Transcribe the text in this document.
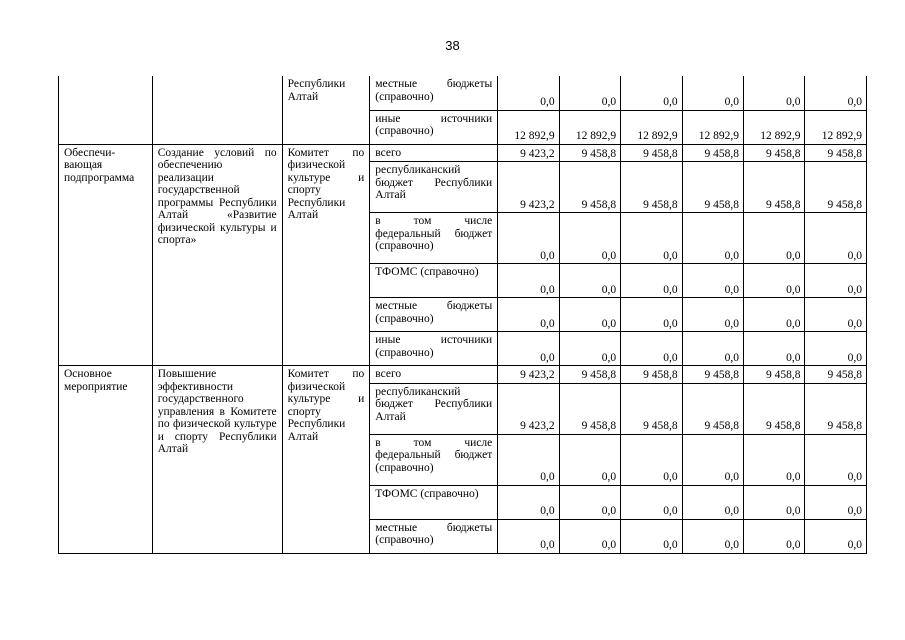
38
		Республики Алтай	местные бюджеты (справочно)	0,0	0,0	0,0	0,0	0,0	0,0
			иные источники (справочно)	12 892,9	12 892,9	12 892,9	12 892,9	12 892,9	12 892,9
Обеспечи-вающая подпрограмма	Создание условий по обеспечению реализации государственной программы Республики Алтай «Развитие физической культуры и спорта»	Комитет по физической культуре и спорту Республики Алтай	всего	9 423,2	9 458,8	9 458,8	9 458,8	9 458,8	9 458,8
			республиканский бюджет Республики Алтай	9 423,2	9 458,8	9 458,8	9 458,8	9 458,8	9 458,8
			в том числе федеральный бюджет (справочно)	0,0	0,0	0,0	0,0	0,0	0,0
			ТФОМС (справочно)	0,0	0,0	0,0	0,0	0,0	0,0
			местные бюджеты (справочно)	0,0	0,0	0,0	0,0	0,0	0,0
			иные источники (справочно)	0,0	0,0	0,0	0,0	0,0	0,0
Основное мероприятие	Повышение эффективности государственного управления в Комитете по физической культуре и спорту Республики Алтай	Комитет по физической культуре и спорту Республики Алтай	всего	9 423,2	9 458,8	9 458,8	9 458,8	9 458,8	9 458,8
			республиканский бюджет Республики Алтай	9 423,2	9 458,8	9 458,8	9 458,8	9 458,8	9 458,8
			в том числе федеральный бюджет (справочно)	0,0	0,0	0,0	0,0	0,0	0,0
			ТФОМС (справочно)	0,0	0,0	0,0	0,0	0,0	0,0
			местные бюджеты (справочно)	0,0	0,0	0,0	0,0	0,0	0,0
